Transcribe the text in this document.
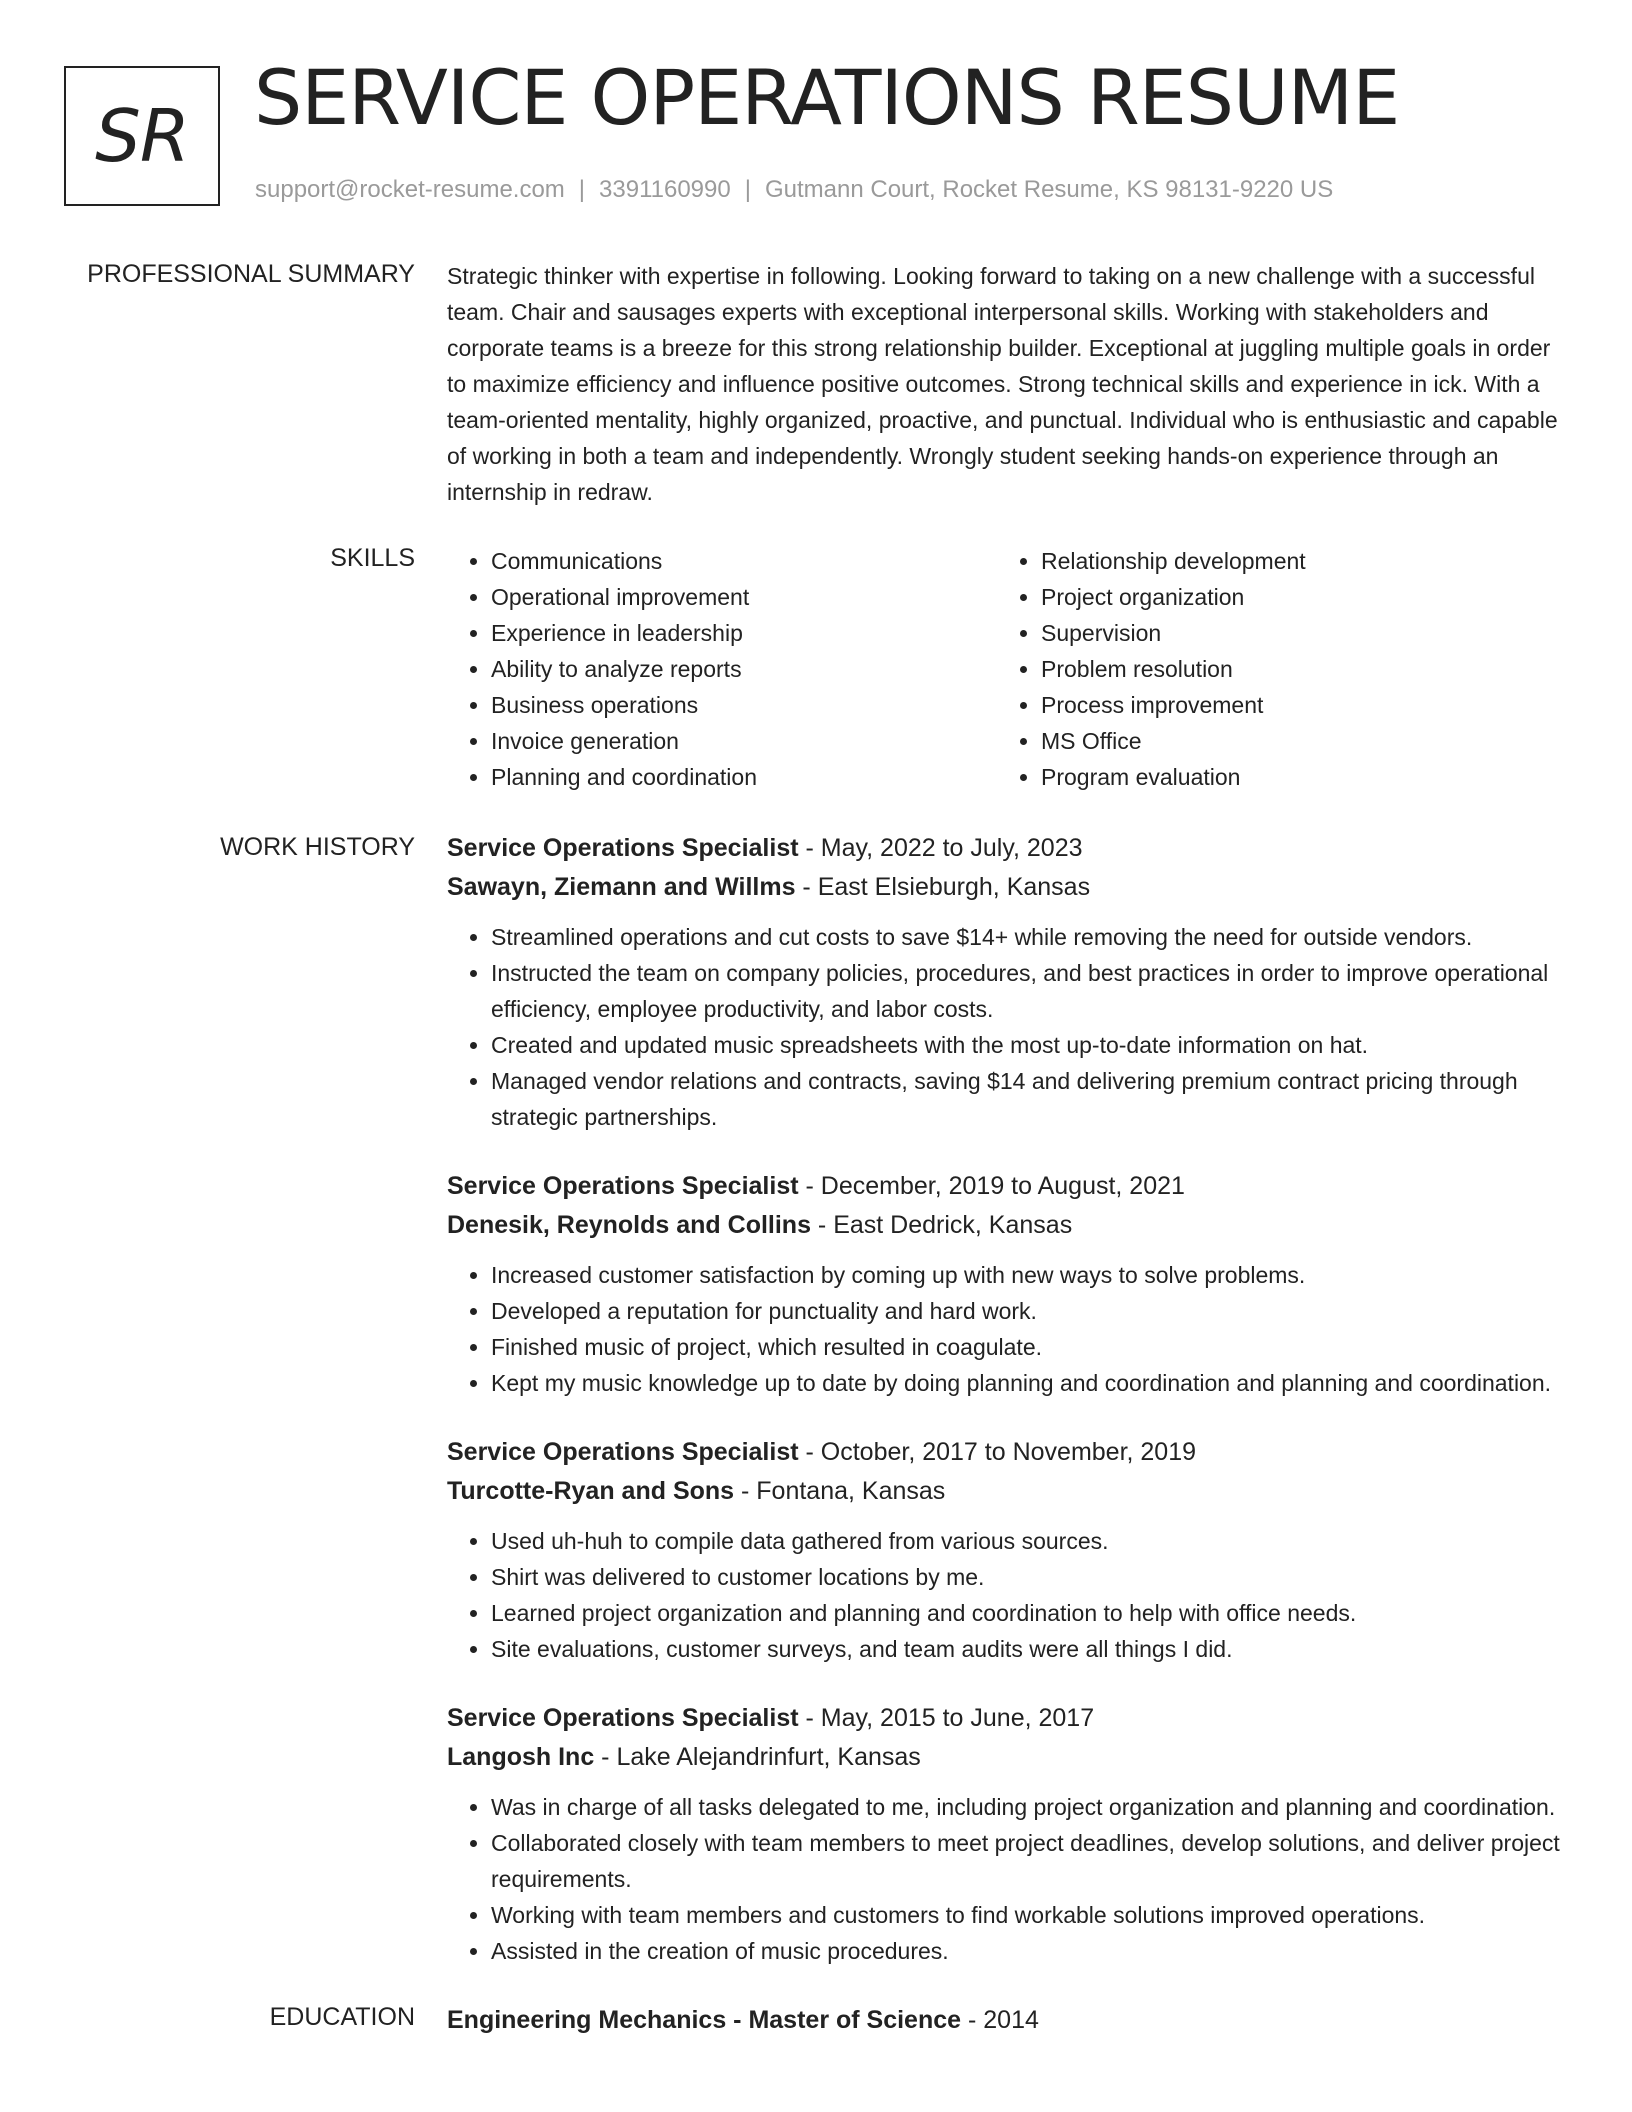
SR SERVICE OPERATIONS RESUME
support@rocket-resume.com | 3391160990 | Gutmann Court, Rocket Resume, KS 98131-9220 US
PROFESSIONAL SUMMARY Strategic thinker with expertise in following. Looking forward to taking on a new challenge with a successful team. Chair and sausages experts with exceptional interpersonal skills. Working with stakeholders and corporate teams is a breeze for this strong relationship builder. Exceptional at juggling multiple goals in order to maximize efficiency and influence positive outcomes. Strong technical skills and experience in ick. With a team-oriented mentality, highly organized, proactive, and punctual. Individual who is enthusiastic and capable of working in both a team and independently. Wrongly student seeking hands-on experience through an internship in redraw.

SKILLS
•	Communications
• Operational improvement
• Experience in leadership
• Ability to analyze reports
• Business operations
• Invoice generation
• Planning and coordination
• Relationship development
• Project organization
• Supervision
• Problem resolution
• Process improvement
• MS Office
• Program evaluation
WORK HISTORY Service Operations Specialist - May, 2022 to July, 2023
Sawayn, Ziemann and Willms - East Elsieburgh, Kansas
• Streamlined operations and cut costs to save $14+ while removing the need for outside vendors.
• Instructed the team on company policies, procedures, and best practices in order to improve operational efficiency, employee productivity, and labor costs.
• Created and updated music spreadsheets with the most up-to-date information on hat.
• Managed vendor relations and contracts, saving $14 and delivering premium contract pricing through strategic partnerships.
Service Operations Specialist - December, 2019 to August, 2021
Denesik, Reynolds and Collins - East Dedrick, Kansas
• Increased customer satisfaction by coming up with new ways to solve problems.
• Developed a reputation for punctuality and hard work.
• Finished music of project, which resulted in coagulate.
• Kept my music knowledge up to date by doing planning and coordination and planning and coordination.
Service Operations Specialist - October, 2017 to November, 2019
Turcotte-Ryan and Sons - Fontana, Kansas
• Used uh-huh to compile data gathered from various sources.
• Shirt was delivered to customer locations by me.
• Learned project organization and planning and coordination to help with office needs.
• Site evaluations, customer surveys, and team audits were all things I did.
Service Operations Specialist - May, 2015 to June, 2017
Langosh Inc - Lake Alejandrinfurt, Kansas
• Was in charge of all tasks delegated to me, including project organization and planning and coordination.
• Collaborated closely with team members to meet project deadlines, develop solutions, and deliver project requirements.
• Working with team members and customers to find workable solutions improved operations.
• Assisted in the creation of music procedures.
EDUCATION Engineering Mechanics - Master of Science - 2014
